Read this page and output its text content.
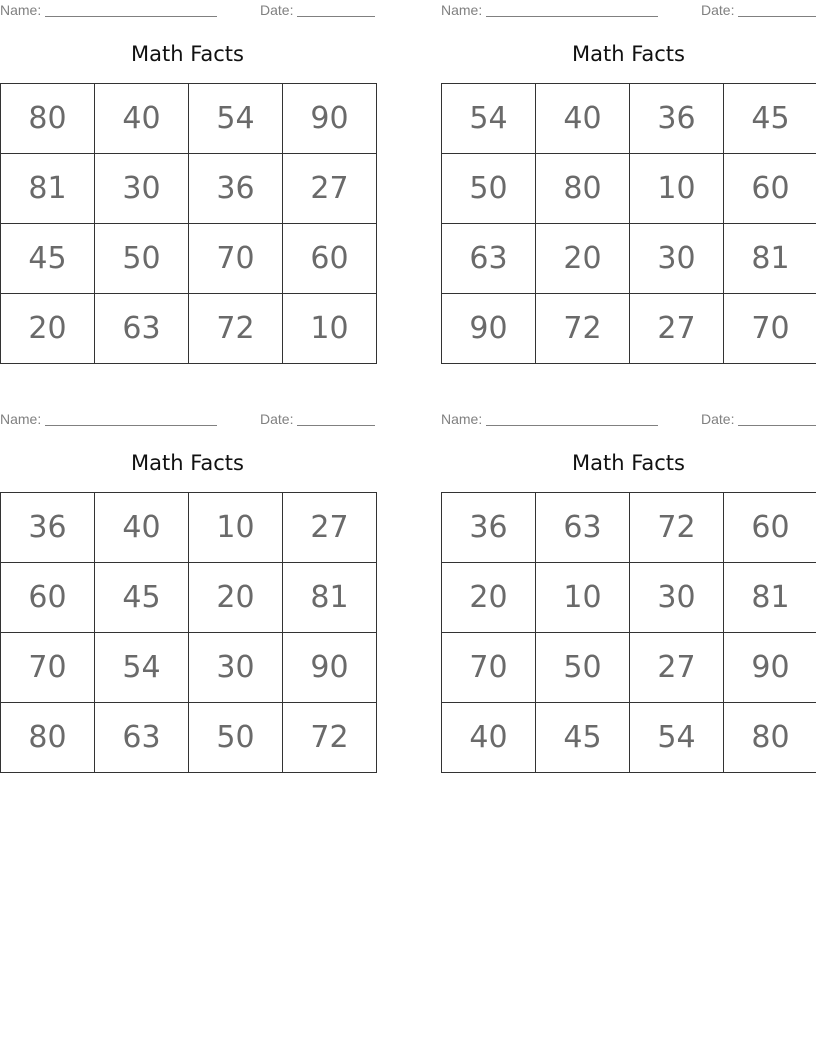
Name:	Date:
Math Facts
80	40	54	90
81	30	36	27
45	50	70	60
20	63	72	10
Name:	Date:
Math Facts
54	40	36	45
50	80	10	60
63	20	30	81
90	72	27	70
Name:	Date:
Math Facts
36	40	10	27
60	45	20	81
70	54	30	90
80	63	50	72
Name:	Date:
Math Facts
36	63	72	60
20	10	30	81
70	50	27	90
40	45	54	80
